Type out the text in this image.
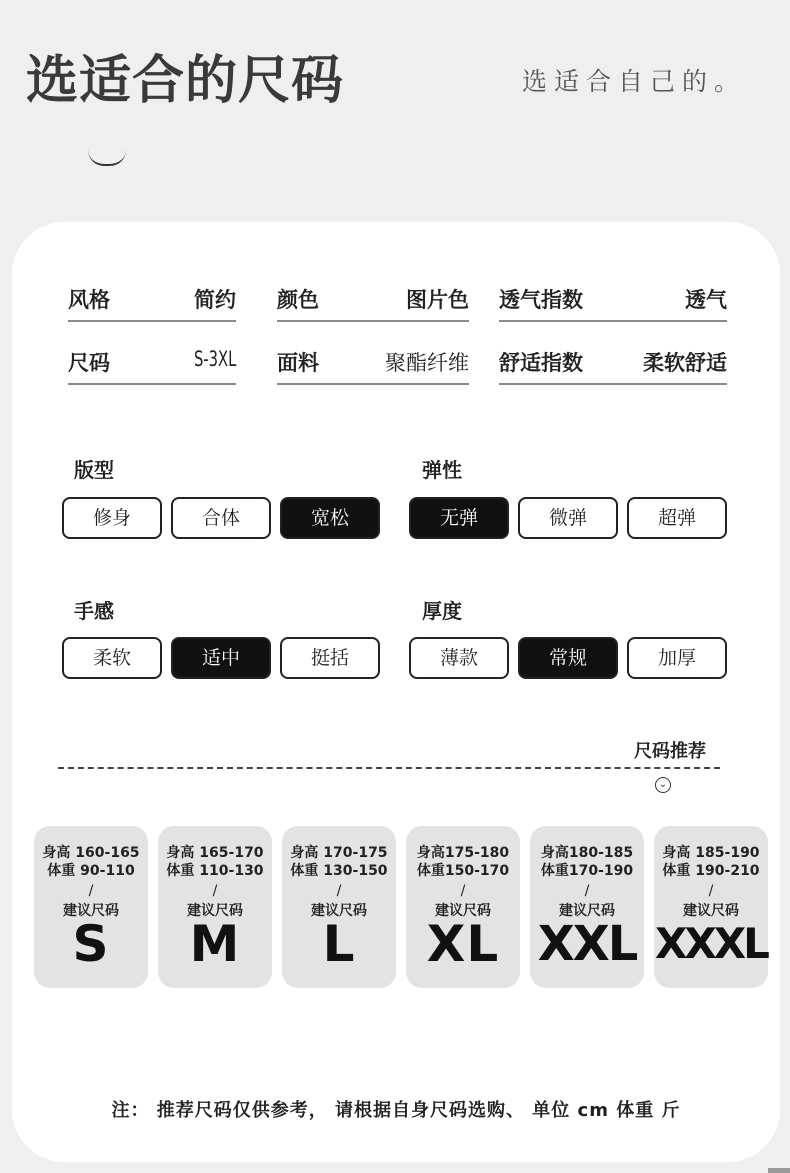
选适合的尺码	选适合自己的。
风格	简约 颜色	图片色 透气指数	透气
尺码	S-3XL 面料	聚酯纤维 舒适指数	柔软舒适
版型
修身	合体	宽松
弹性
无弹	微弹	超弹
手感
柔软	适中	挺括
厚度
薄款	常规	加厚
尺码推荐
⌄
身高 160-165
体重 90-110
/
建议尺码
S
身高 165-170
体重 110-130
/
建议尺码
M
身高 170-175
体重 130-150
/
建议尺码
L
身高175-180
体重150-170
/
建议尺码
XL
身高180-185
体重170-190
/
建议尺码
XXL
身高 185-190
体重 190-210
/
建议尺码
XXXL
注： 推荐尺码仅供参考， 请根据自身尺码选购、 单位 cm 体重 斤
